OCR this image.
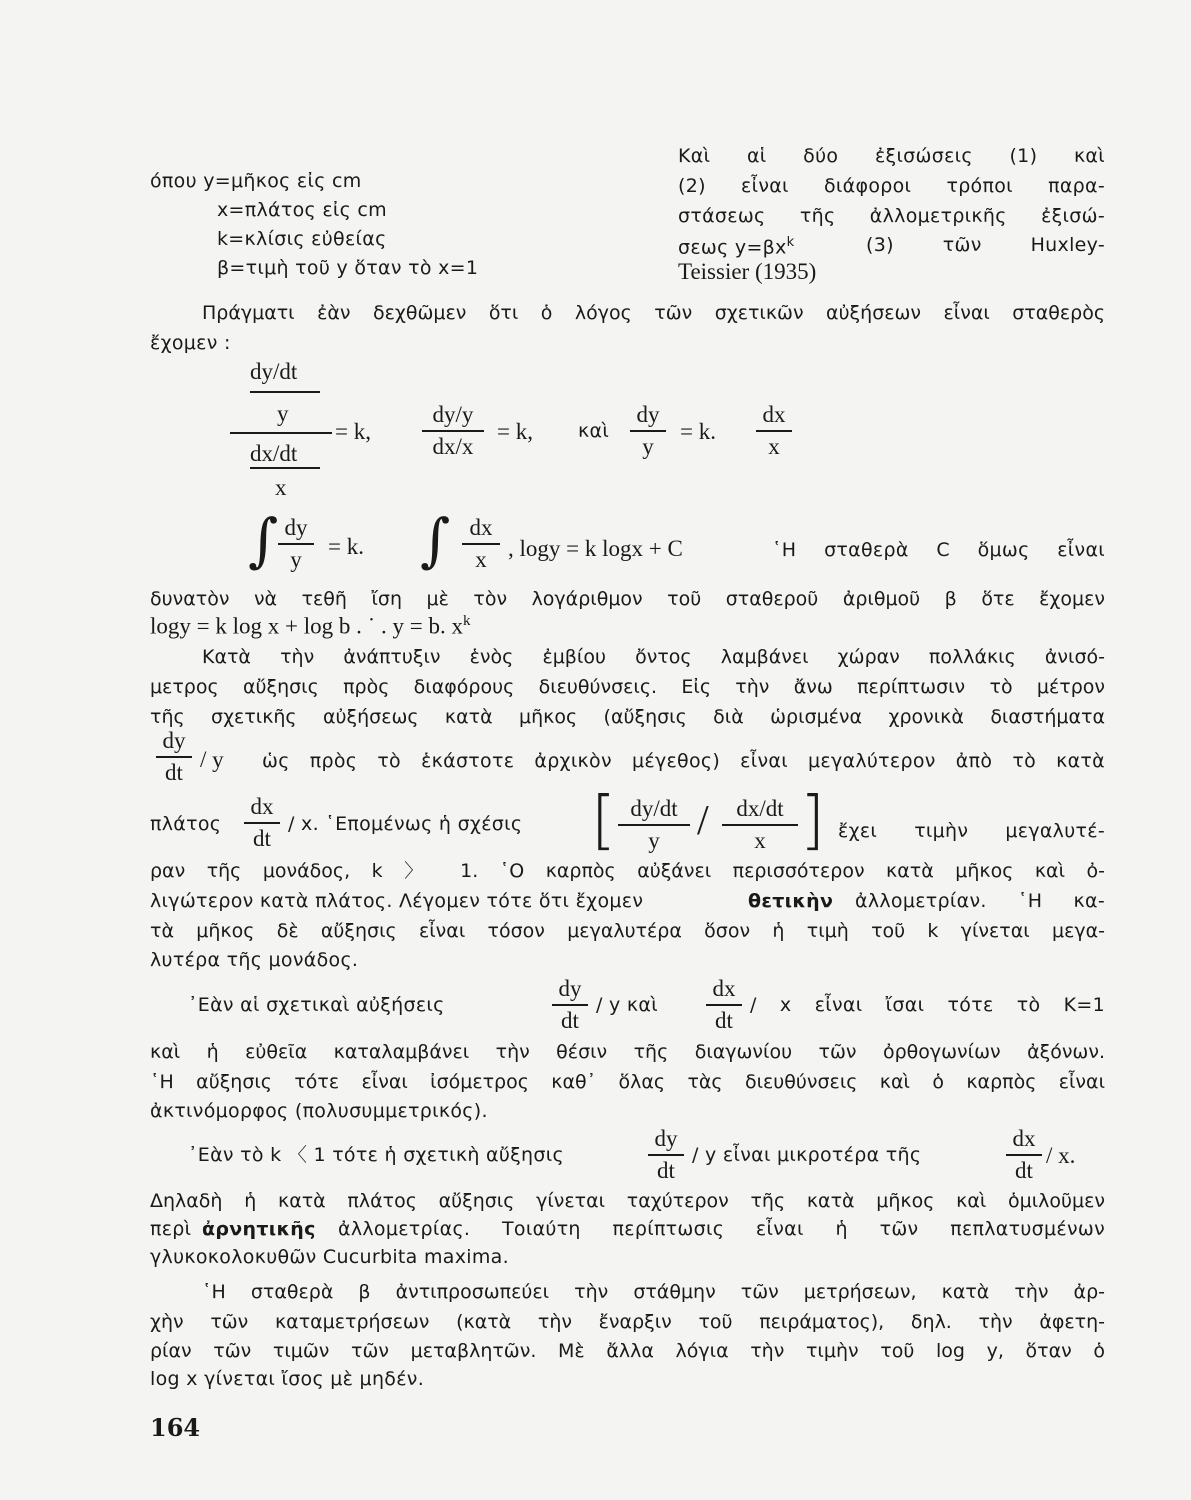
όπου y=μῆκος εἰς cm
x=πλάτος εἰς cm
k=κλίσις εὐθείας
β=τιμὴ τοῦ y ὅταν τὸ x=1
Καὶ αἱ δύο ἐξισώσεις (1) καὶ
(2) εἶναι διάφοροι τρόποι παρα-
στάσεως τῆς ἀλλομετρικῆς ἐξισώ-
σεως $y=\beta x^k$	(3) τῶν Huxley-
Teissier (1935)
Πράγματι ἐὰν δεχθῶμεν ὅτι ὁ λόγος τῶν σχετικῶν αὐξήσεων εἶναι σταθερὸς
ἔχομεν :
dy/dt
y
dx/dt
x
= k, $\frac{dy/y}{dx/x} = k$, καὶ $\frac{dy}{y} = k$. $\frac{dx}{x}$
∫ $\frac{dy}{y} = k$. ∫ $\frac{dx}{x}$ , logy = k logx + C	῾Η σταθερὰ C ὅμως εἶναι
δυνατὸν νὰ τεθῆ ἴση μὲ τὸν λογάριθμον τοῦ σταθεροῦ ἀριθμοῦ β ὅτε ἔχομεν
logy = k log x + log b . ˙ . y = b. $x^k$
Κατὰ τὴν ἀνάπτυξιν ἑνὸς ἐμβίου ὄντος λαμβάνει χώραν πολλάκις ἀνισό-
μετρος αὔξησις πρὸς διαφόρους διευθύνσεις. Εἰς τὴν ἄνω περίπτωσιν τὸ μέτρον
τῆς σχετικῆς αὐξήσεως κατὰ μῆκος (αὔξησις διὰ ὡρισμένα χρονικὰ διαστήματα
$\frac{dy}{dt}$ / y ὡς πρὸς τὸ ἑκάστοτε ἀρχικὸν μέγεθος) εἶναι μεγαλύτερον ἀπὸ τὸ κατὰ
πλάτος $\frac{dx}{dt}$ / x. ῾Επομένως ἡ σχέσις [ $\frac{dy/dt}{y} / \frac{dx/dt}{x}$ ] ἔχει τιμὴν μεγαλυτέ-
ραν τῆς μονάδος, k 〉 1. ῾Ο καρπὸς αὐξάνει περισσότερον κατὰ μῆκος καὶ ὀ-
λιγώτερον κατὰ πλάτος. Λέγομεν τότε ὅτι ἔχομεν	θετικὴν ἀλλομετρίαν. ῾Η κα-
τὰ μῆκος δὲ αὔξησις εἶναι τόσον μεγαλυτέρα ὅσον ἡ τιμὴ τοῦ k γίνεται μεγα-
λυτέρα τῆς μονάδος.
᾿Εὰν αἱ σχετικαὶ αὐξήσεις	$\frac{dy}{dt}$ / y καὶ $\frac{dx}{dt}$ / x εἶναι ἴσαι τότε τὸ Κ=1
καὶ ἡ εὐθεῖα καταλαμβάνει τὴν θέσιν τῆς διαγωνίου τῶν ὀρθογωνίων ἀξόνων.
῾Η αὔξησις τότε εἶναι ἰσόμετρος καθ᾿ ὅλας τὰς διευθύνσεις καὶ ὁ καρπὸς εἶναι
ἀκτινόμορφος (πολυσυμμετρικός).
᾿Εὰν τὸ k 〈 1 τότε ἡ σχετικὴ αὔξησις	$\frac{dy}{dt}$ / y εἶναι μικροτέρα τῆς	$\frac{dx}{dt}$ / x.
Δηλαδὴ ἡ κατὰ πλάτος αὔξησις γίνεται ταχύτερον τῆς κατὰ μῆκος καὶ ὁμιλοῦμεν
περὶ ἀρνητικῆς ἀλλομετρίας. Τοιαύτη περίπτωσις εἶναι ἡ τῶν πεπλατυσμένων
γλυκοκολοκυθῶν Cucurbita maxima.
῾Η σταθερὰ β ἀντιπροσωπεύει τὴν στάθμην τῶν μετρήσεων, κατὰ τὴν ἀρ-
χὴν τῶν καταμετρήσεων (κατὰ τὴν ἔναρξιν τοῦ πειράματος), δηλ. τὴν ἀφετη-
ρίαν τῶν τιμῶν τῶν μεταβλητῶν. Μὲ ἄλλα λόγια τὴν τιμὴν τοῦ log y, ὅταν ὁ
log x γίνεται ἴσος μὲ μηδέν.
164
